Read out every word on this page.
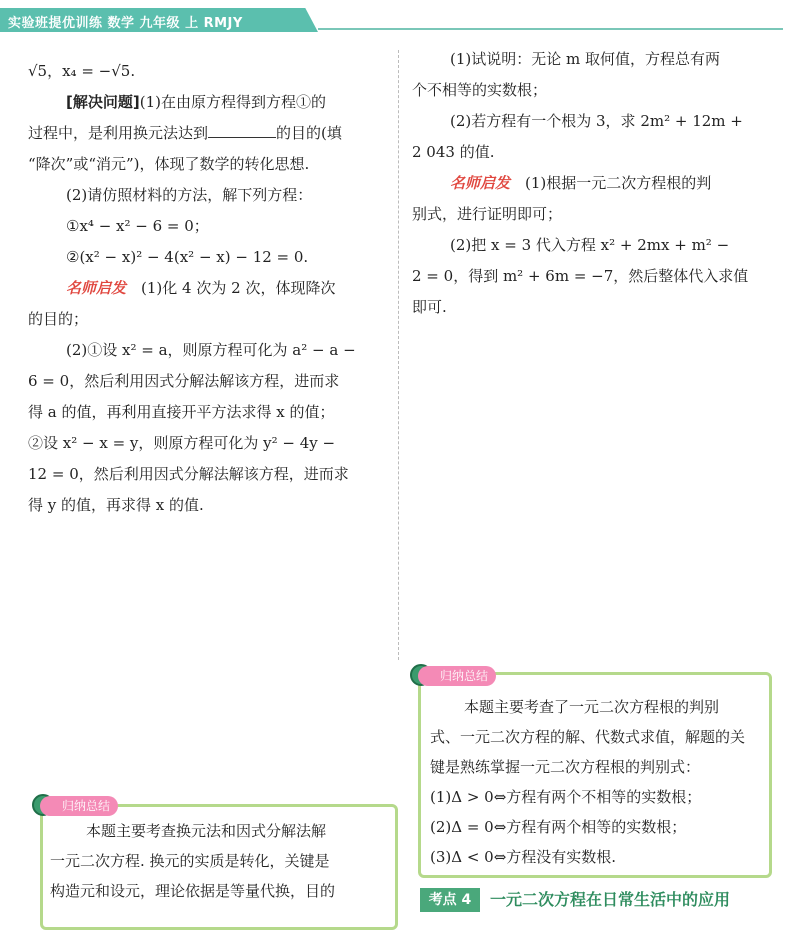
实验班提优训练 数学 九年级 上 RMJY

√5，x₄ = −√5.

[解决问题](1)在由原方程得到方程①的

过程中，是利用换元法达到	的目的(填

“降次”或“消元”)，体现了数学的转化思想.

(2)请仿照材料的方法，解下列方程：

①x⁴ − x² − 6 = 0；

②(x² − x)² − 4(x² − x) − 12 = 0.

名师启发　 (1)化 4 次为 2 次，体现降次

的目的；

(2)①设 x² = a，则原方程可化为 a² − a −

6 = 0，然后利用因式分解法解该方程，进而求

得 a 的值，再利用直接开平方法求得 x 的值；

②设 x² − x = y，则原方程可化为 y² − 4y −

12 = 0，然后利用因式分解法解该方程，进而求

得 y 的值，再求得 x 的值.

(1)试说明：无论 m 取何值，方程总有两

个不相等的实数根；

(2)若方程有一个根为 3，求 2m² + 12m +

2 043 的值.

名师启发　 (1)根据一元二次方程根的判

别式，进行证明即可；

(2)把 x = 3 代入方程 x² + 2mx + m² −

2 = 0，得到 m² + 6m = −7，然后整体代入求值

即可.

归纳总结

本题主要考查了一元二次方程根的判别

式、一元二次方程的解、代数式求值，解题的关

键是熟练掌握一元二次方程根的判别式：

(1)Δ > 0⇔方程有两个不相等的实数根；

(2)Δ = 0⇔方程有两个相等的实数根；

(3)Δ < 0⇔方程没有实数根.

归纳总结

本题主要考查换元法和因式分解法解

一元二次方程. 换元的实质是转化，关键是

构造元和设元，理论依据是等量代换，目的	考点 4	一元二次方程在日常生活中的应用
